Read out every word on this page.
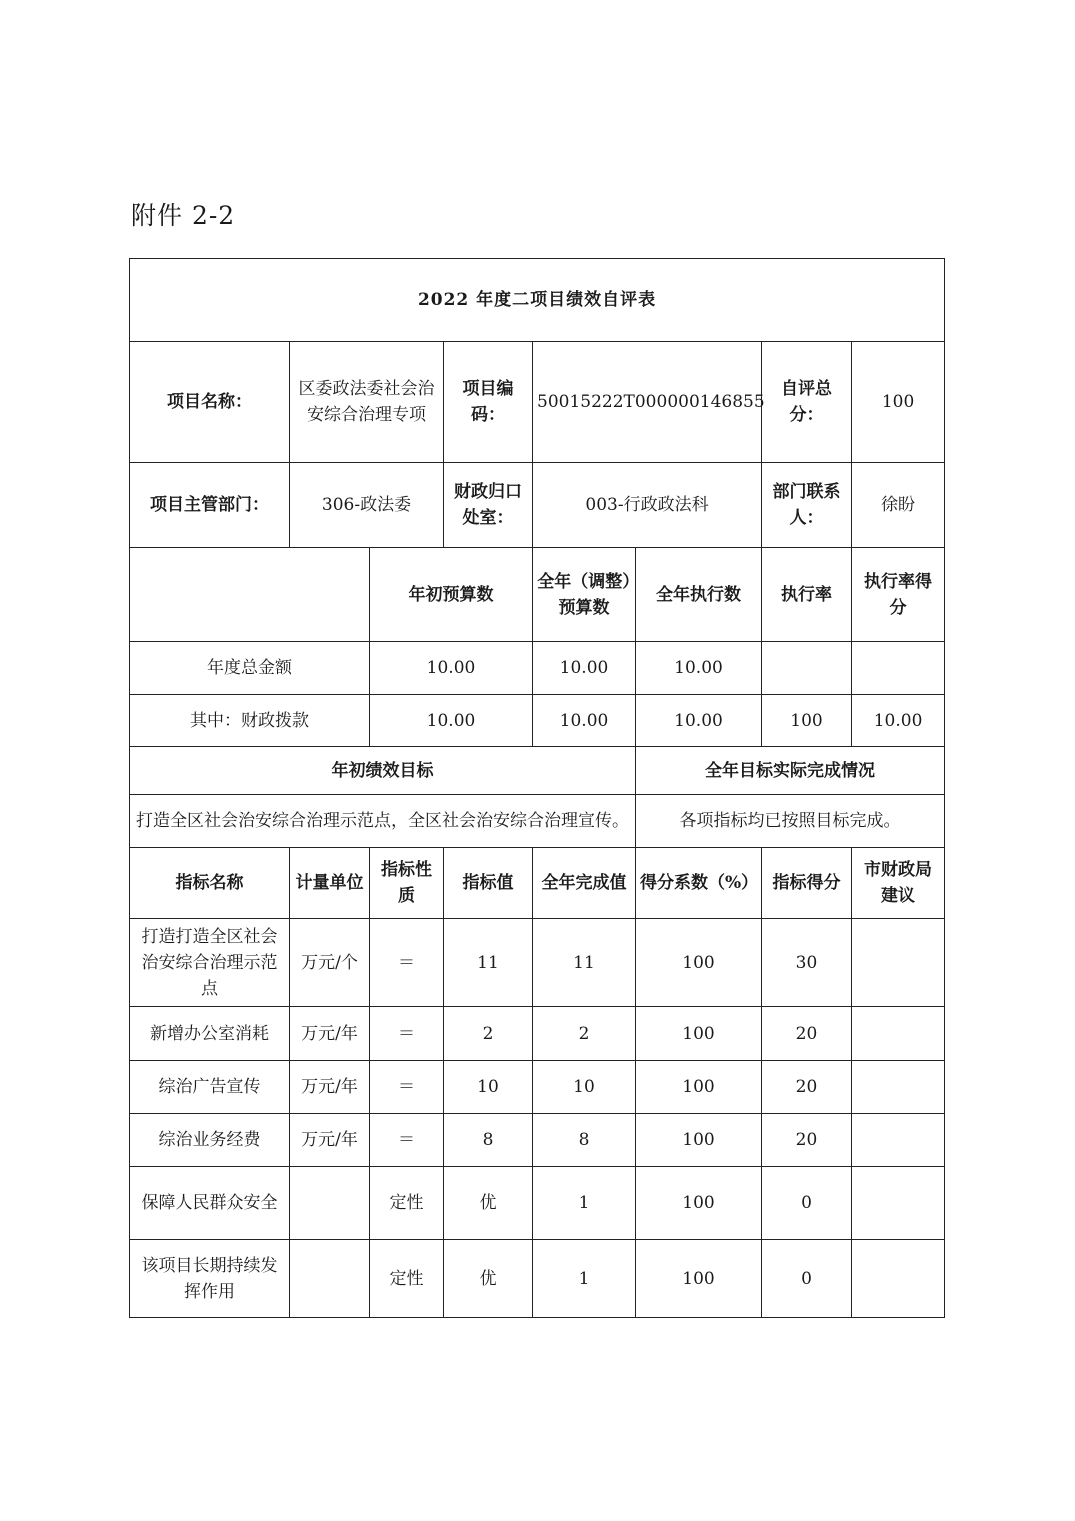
附件 2-2
2022 年度二项目绩效自评表							
项目名称：	区委政法委社会治安综合治理专项		项目编码：	50015222T000000146855		自评总分：	100
项目主管部门：	306-政法委		财政归口处室：	003-行政政法科		部门联系人：	徐盼
		年初预算数		全年（调整）预算数	全年执行数	执行率	执行率得分
年度总金额		10.00		10.00	10.00		
其中：财政拨款		10.00		10.00	10.00	100	10.00
年初绩效目标					全年目标实际完成情况		
打造全区社会治安综合治理示范点，全区社会治安综合治理宣传。					各项指标均已按照目标完成。		
指标名称	计量单位	指标性质	指标值	全年完成值	得分系数（%）	指标得分	市财政局建议
打造打造全区社会治安综合治理示范点	万元/个	＝	11	11	100	30	
新增办公室消耗	万元/年	＝	2	2	100	20	
综治广告宣传	万元/年	＝	10	10	100	20	
综治业务经费	万元/年	＝	8	8	100	20	
保障人民群众安全		定性	优	1	100	0	
该项目长期持续发挥作用		定性	优	1	100	0	
